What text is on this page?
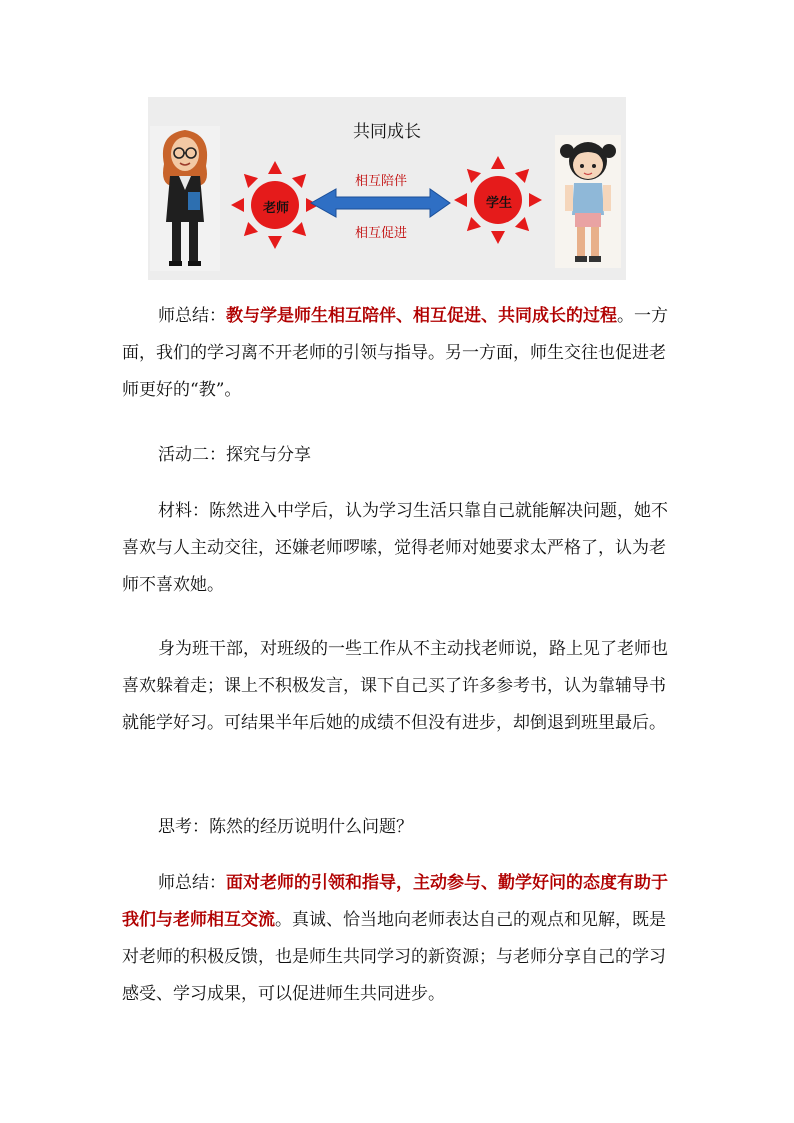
共同成长
老师	学生
相互陪伴
相互促进

师总结：教与学是师生相互陪伴、相互促进、共同成长的过程。一方面，我们的学习离不开老师的引领与指导。另一方面，师生交往也促进老师更好的“教”。

活动二：探究与分享

材料：陈然进入中学后，认为学习生活只靠自己就能解决问题，她不喜欢与人主动交往，还嫌老师啰嗦，觉得老师对她要求太严格了，认为老师不喜欢她。

身为班干部，对班级的一些工作从不主动找老师说，路上见了老师也喜欢躲着走；课上不积极发言，课下自己买了许多参考书，认为靠辅导书就能学好习。可结果半年后她的成绩不但没有进步，却倒退到班里最后。

思考：陈然的经历说明什么问题？

师总结：面对老师的引领和指导，主动参与、勤学好问的态度有助于我们与老师相互交流。真诚、恰当地向老师表达自己的观点和见解，既是对老师的积极反馈，也是师生共同学习的新资源；与老师分享自己的学习感受、学习成果，可以促进师生共同进步。
